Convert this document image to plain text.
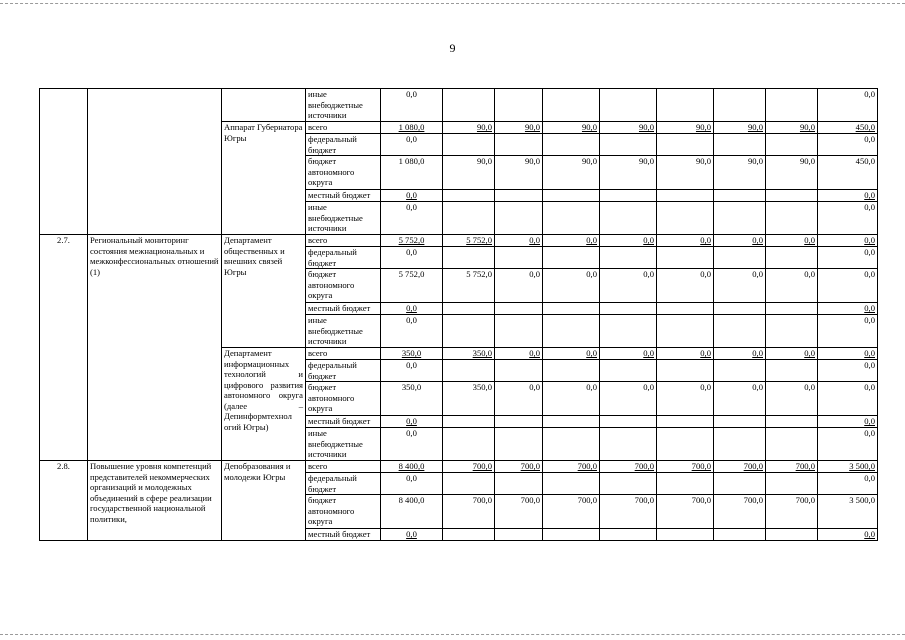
9
			иные внебюджетные источники	0,0								0,0
		Аппарат Губернатора Югры	всего	1 080,0	90,0	90,0	90,0	90,0	90,0	90,0	90,0	450,0
			федеральный бюджет	0,0								0,0
			бюджет автономного округа	1 080,0	90,0	90,0	90,0	90,0	90,0	90,0	90,0	450,0
			местный бюджет	0,0								0,0
			иные внебюджетные источники	0,0								0,0
2.7.	Региональный мониторинг состояния межнациональных и межконфессиональных отношений (1)	Департамент общественных и внешних связей Югры	всего	5 752,0	5 752,0	0,0	0,0	0,0	0,0	0,0	0,0	0,0
			федеральный бюджет	0,0								0,0
			бюджет автономного округа	5 752,0	5 752,0	0,0	0,0	0,0	0,0	0,0	0,0	0,0
			местный бюджет	0,0								0,0
			иные внебюджетные источники	0,0								0,0
		Департамент информационных технологий и цифрового развития автономного округа (далее – Депинформтехнол огий Югры)	всего	350,0	350,0	0,0	0,0	0,0	0,0	0,0	0,0	0,0
			федеральный бюджет	0,0								0,0
			бюджет автономного округа	350,0	350,0	0,0	0,0	0,0	0,0	0,0	0,0	0,0
			местный бюджет	0,0								0,0
			иные внебюджетные источники	0,0								0,0
2.8.	Повышение уровня компетенций представителей некоммерческих организаций и молодежных объединений в сфере реализации государственной национальной политики,	Депобразования и молодежи Югры	всего	8 400,0	700,0	700,0	700,0	700,0	700,0	700,0	700,0	3 500,0
			федеральный бюджет	0,0								0,0
			бюджет автономного округа	8 400,0	700,0	700,0	700,0	700,0	700,0	700,0	700,0	3 500,0
			местный бюджет	0,0								0,0
